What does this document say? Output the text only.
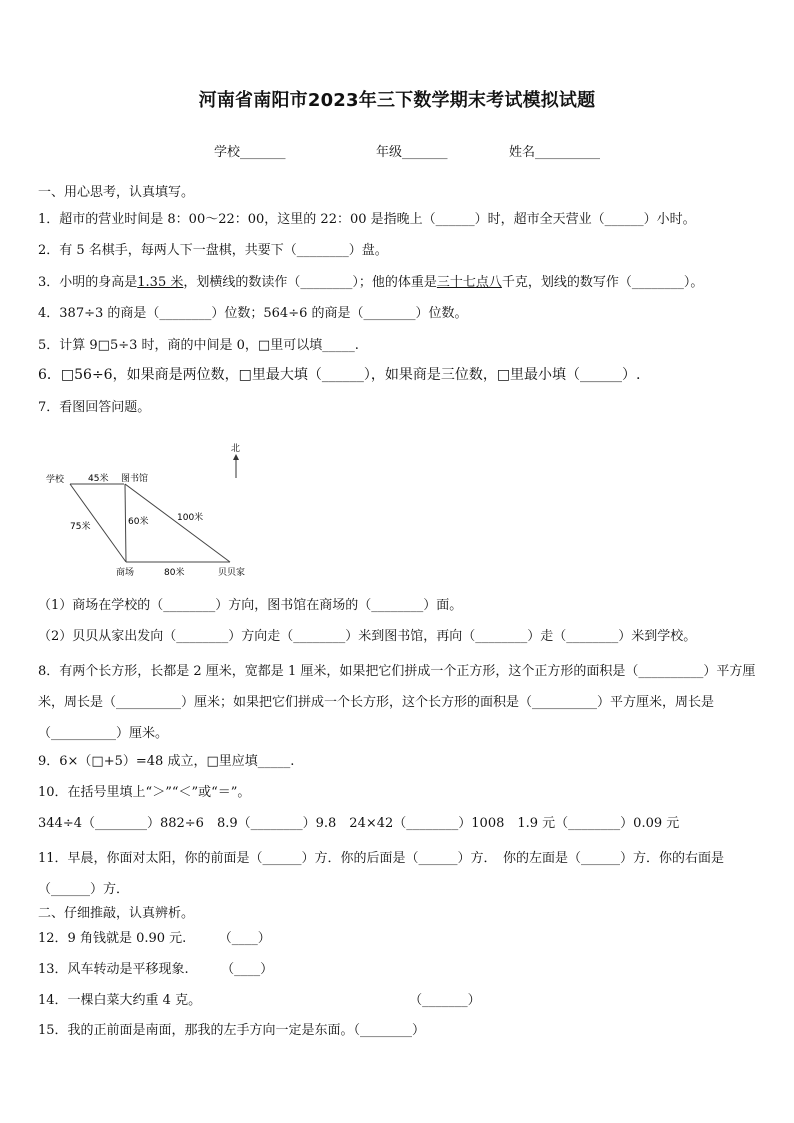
河南省南阳市2023年三下数学期末考试模拟试题
学校_______	年级_______	姓名__________
一、用心思考，认真填写。
1．超市的营业时间是 8：00～22：00，这里的 22：00 是指晚上（______）时，超市全天营业（______）小时。
2．有 5 名棋手，每两人下一盘棋，共要下（________）盘。
3．小明的身高是1.35 米，划横线的数读作（________）；他的体重是三十七点八千克，划线的数写作（________）。
4．387÷3 的商是（________）位数；564÷6 的商是（________）位数。
5．计算 9□5÷3 时，商的中间是 0，□里可以填_____.
6．□56÷6，如果商是两位数，□里最大填（______），如果商是三位数，□里最小填（______）.
7．看图回答问题。
北
学校	图书馆
商场	贝贝家
45米
75米	60米	100米
80米
（1）商场在学校的（________）方向，图书馆在商场的（________）面。
（2）贝贝从家出发向（________）方向走（________）米到图书馆，再向（________）走（________）米到学校。
8．有两个长方形，长都是 2 厘米，宽都是 1 厘米，如果把它们拼成一个正方形，这个正方形的面积是（__________）平方厘米，周长是（__________）厘米；如果把它们拼成一个长方形，这个长方形的面积是（__________）平方厘米，周长是（__________）厘米。
9．6×（□+5）=48 成立，□里应填_____.
10．在括号里填上“＞”“＜”或“＝”。
344÷4（________）882÷6　8.9（________）9.8　24×42（________）1008　1.9 元（________）0.09 元
11．早晨，你面对太阳，你的前面是（______）方．你的后面是（______）方．　你的左面是（______）方．你的右面是（______）方．
二、仔细推敲，认真辨析。
12．9 角钱就是 0.90 元.　　　（____）
13．风车转动是平移现象.　　　（____）
14．一棵白菜大约重 4 克。　　　　　　　　　　　　　　　　　（_______）
15．我的正前面是南面，那我的左手方向一定是东面。（________）
